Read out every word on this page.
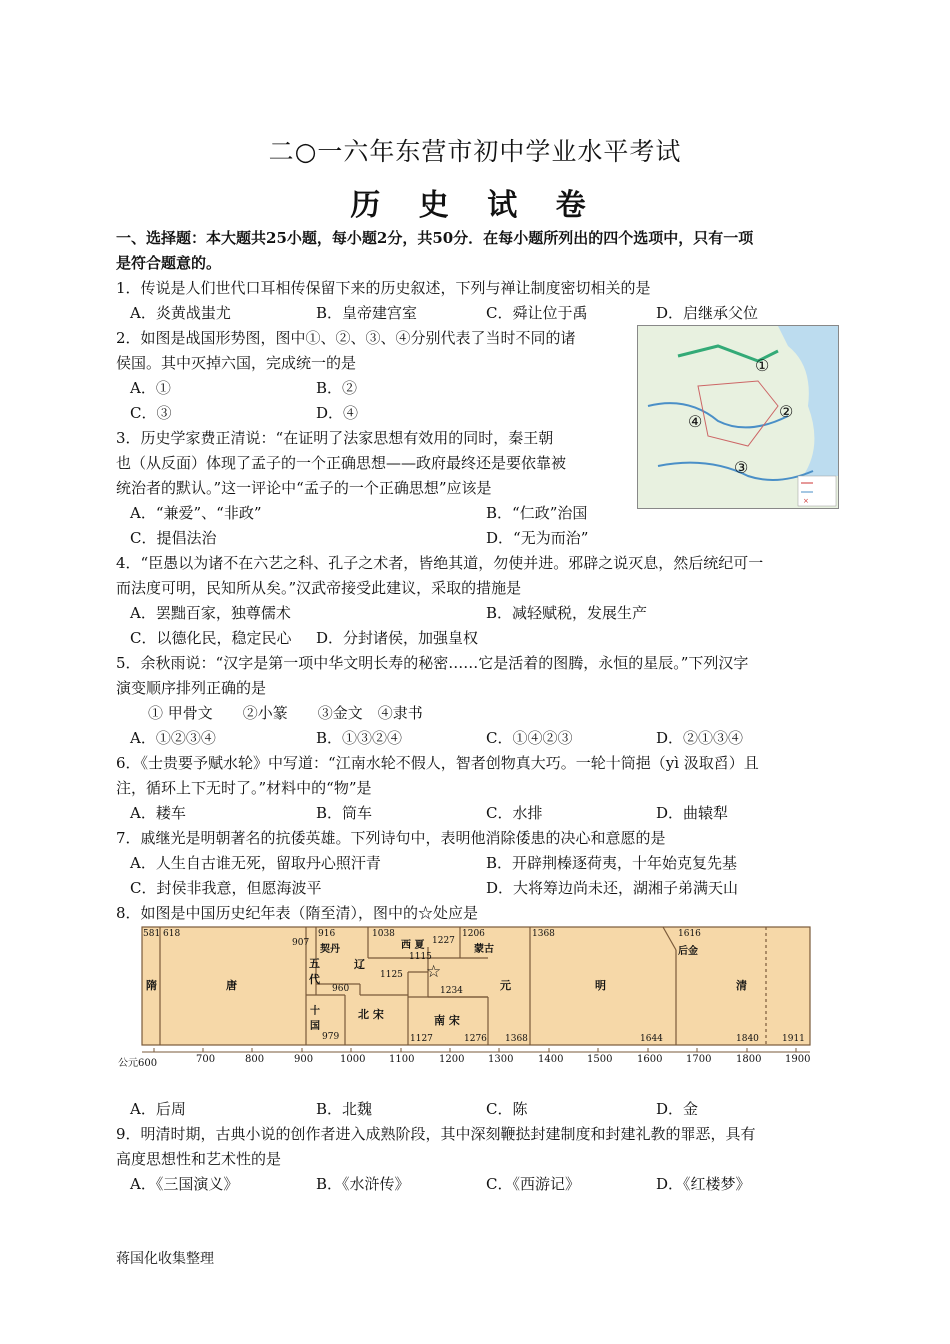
二○一六年东营市初中学业水平考试
历 史 试 卷
一、选择题：本大题共25小题，每小题2分，共50分．在每小题所列出的四个选项中，只有一项
是符合题意的。
1．传说是人们世代口耳相传保留下来的历史叙述，下列与禅让制度密切相关的是
A．炎黄战蚩尤	B．皇帝建宫室	C．舜让位于禹	D．启继承父位
2．如图是战国形势图，图中①、②、③、④分别代表了当时不同的诸
侯国。其中灭掉六国，完成统一的是
A．①	B．②
C．③	D．④
×
①
②
③
④
3．历史学家费正清说：“在证明了法家思想有效用的同时，秦王朝
也（从反面）体现了孟子的一个正确思想——政府最终还是要依靠被
统治者的默认。”这一评论中“孟子的一个正确思想”应该是
A．“兼爱”、“非政”	B．“仁政”治国
C．提倡法治	D．“无为而治”
4．“臣愚以为诸不在六艺之科、孔子之术者，皆绝其道，勿使并进。邪辟之说灭息，然后统纪可一
而法度可明，民知所从矣。”汉武帝接受此建议，采取的措施是
A．罢黜百家，独尊儒术	B．减轻赋税，发展生产
C．以德化民，稳定民心 D．分封诸侯，加强皇权
5．余秋雨说：“汉字是第一项中华文明长寿的秘密……它是活着的图腾，永恒的星辰。”下列汉字
演变顺序排列正确的是
① 甲骨文　　②小篆　　③金文　④隶书
A．①②③④	B．①③②④	C．①④②③	D．②①③④
6．《士贵要予赋水轮》中写道：“江南水轮不假人，智者创物真大巧。一轮十筒挹（yì 汲取舀）且
注，循环上下无时了。”材料中的“物”是
A．耧车	B．筒车	C．水排	D．曲辕犁
7．戚继光是明朝著名的抗倭英雄。下列诗句中，表明他消除倭患的决心和意愿的是
A．人生自古谁无死，留取丹心照汗青	B．开辟荆榛逐荷夷，十年始克复先基
C．封侯非我意，但愿海波平	D．大将筹边尚未还，湖湘子弟满天山
8．如图是中国历史纪年表（隋至清），图中的☆处应是
隋	唐
五代
契丹
辽
西 夏	蒙古
十国
北 宋	南 宋
元	明
后金
清
581 618
907
916
960
1038	1206
1227
1115
1125
1234
979	1127	1276
1368
1368
1616
1644	1840	1911
☆
公元600	700	800	900	1000 1100 1200 1300 1400 1500 1600 1700 1800 1900
A．后周	B．北魏	C．陈	D．金
9．明清时期，古典小说的创作者进入成熟阶段，其中深刻鞭挞封建制度和封建礼教的罪恶，具有
高度思想性和艺术性的是
A．《三国演义》	B．《水浒传》	C．《西游记》	D．《红楼梦》
蒋国化收集整理
